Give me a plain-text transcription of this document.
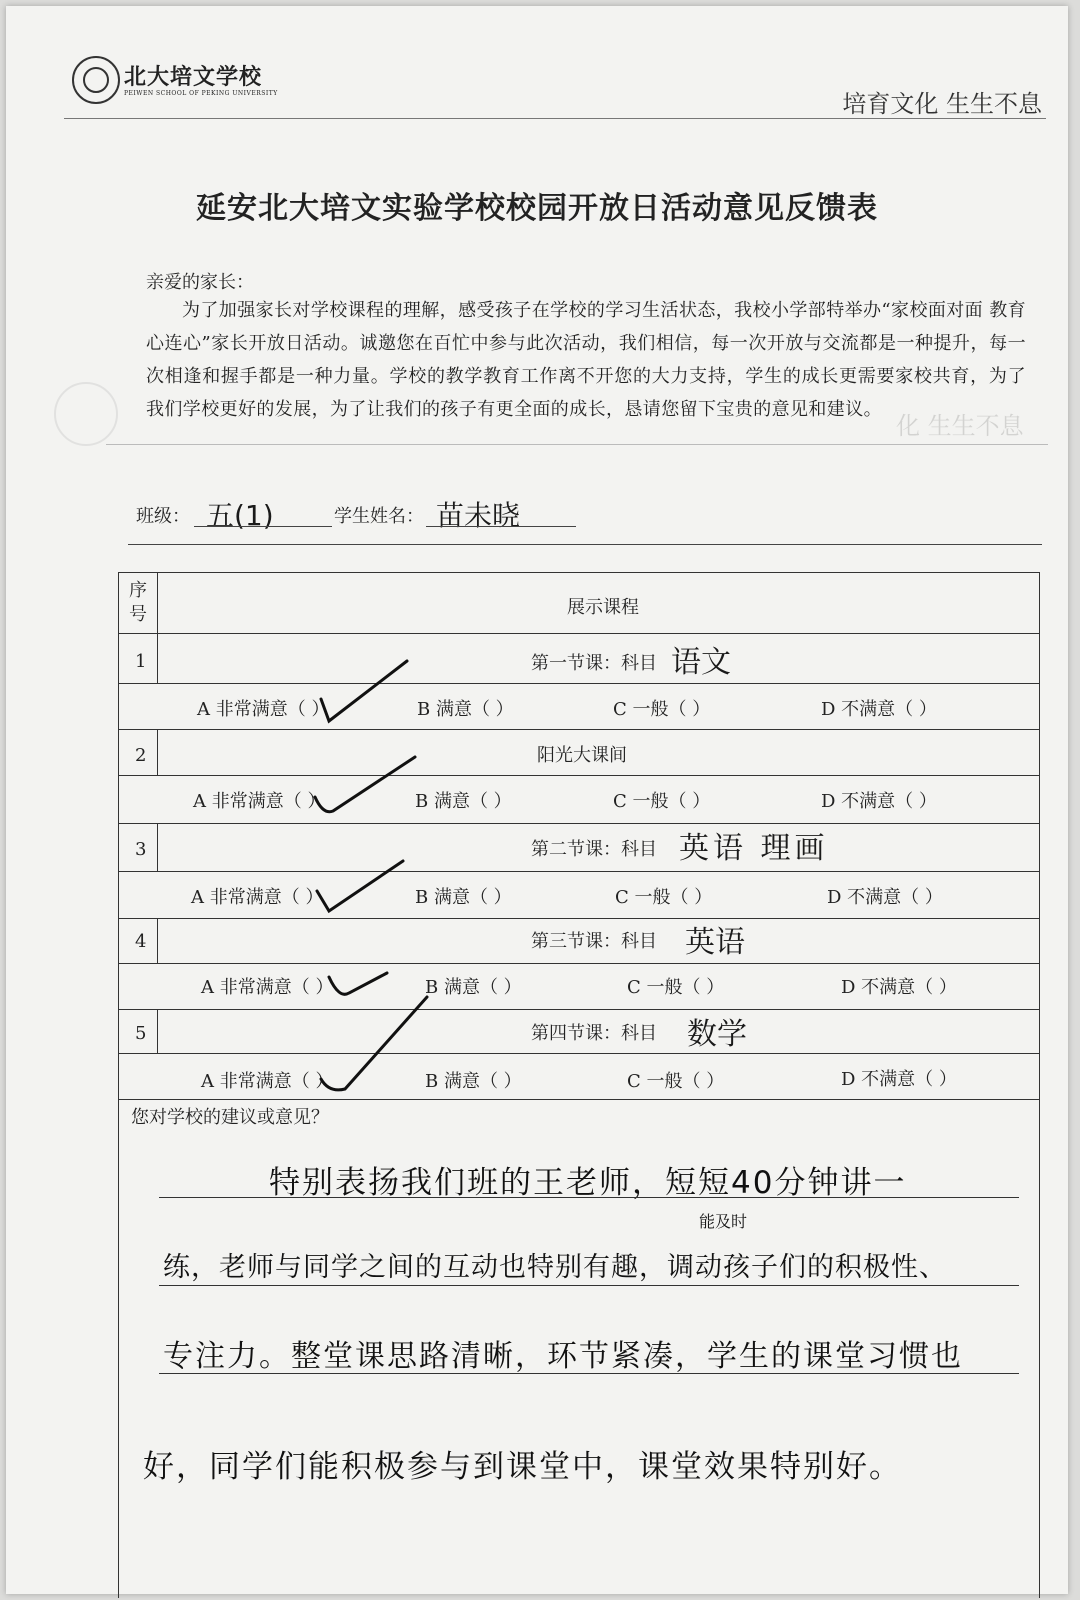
北大培文学校
PEIWEN SCHOOL OF PEKING UNIVERSITY	培育文化 生生不息
延安北大培文实验学校校园开放日活动意见反馈表
亲爱的家长：
为了加强家长对学校课程的理解，感受孩子在学校的学习生活状态，我校小学部特举办“家校面对面 教育心连心”家长开放日活动。诚邀您在百忙中参与此次活动，我们相信，每一次开放与交流都是一种提升，每一次相逢和握手都是一种力量。学校的教学教育工作离不开您的大力支持，学生的成长更需要家校共育，为了我们学校更好的发展，为了让我们的孩子有更全面的成长，恳请您留下宝贵的意见和建议。
化 生生不息
班级： 五(1)	学生姓名： 苗未晓
序号	展示课程
1	第一节课：科目 语文
A 非常满意（ ）	B 满意（ ）	C 一般（ ）	D 不满意（ ）
2	阳光大课间
A 非常满意（ ）	B 满意（ ）	C 一般（ ）	D 不满意（ ）
3	第二节课：科目 英语 理画
A 非常满意（ ）	B 满意（ ）	C 一般（ ）	D 不满意（ ）
4	第三节课：科目 英语
A 非常满意（ ）	B 满意（ ）	C 一般（ ）	D 不满意（ ）
5	第四节课：科目 数学
A 非常满意（ ）	B 满意（ ）	C 一般（ ）	D 不满意（ ）
您对学校的建议或意见？
特别表扬我们班的王老师，短短40分钟讲一
能及时
练，老师与同学之间的互动也特别有趣，调动孩子们的积极性、
专注力。整堂课思路清晰，环节紧凑，学生的课堂习惯也
好，同学们能积极参与到课堂中，课堂效果特别好。
